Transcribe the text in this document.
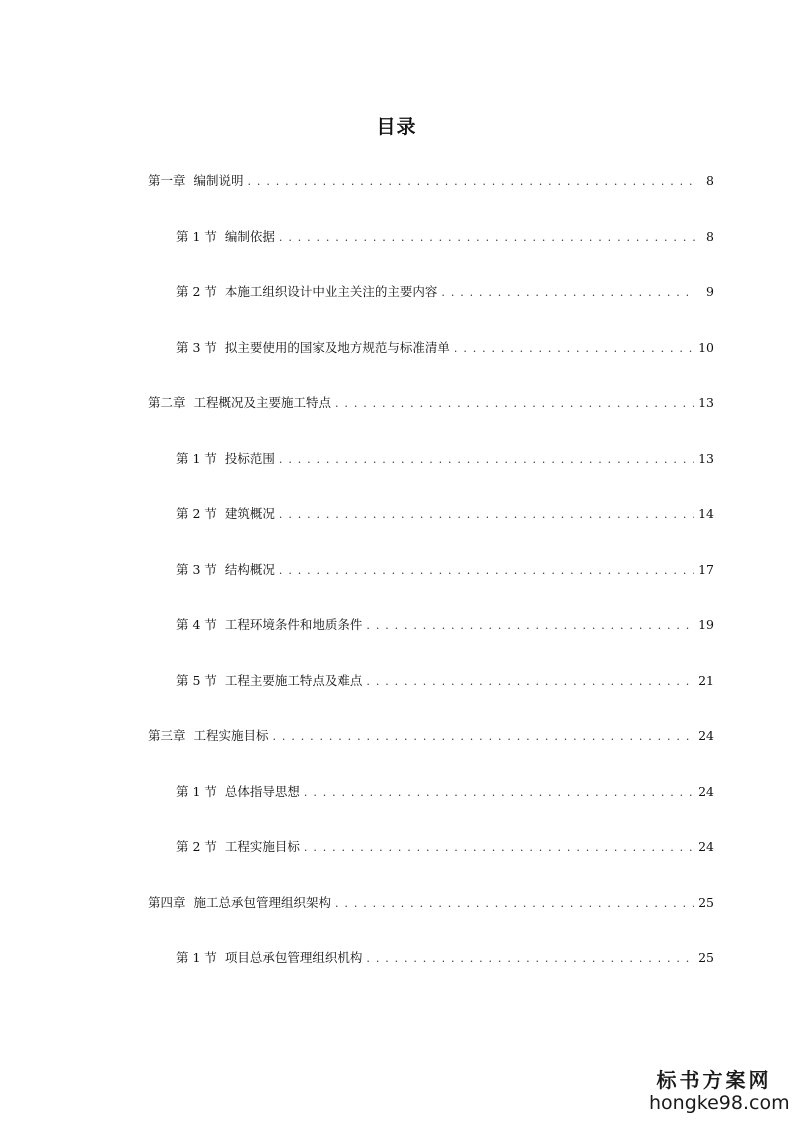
目录
第一章 编制说明 . . .	8
第 1 节 编制依据 . . .	8
第 2 节 本施工组织设计中业主关注的主要内容 . . .	9
第 3 节 拟主要使用的国家及地方规范与标准清单 . . .	10
第二章 工程概况及主要施工特点 . . .	13
第 1 节 投标范围 . . .	13
第 2 节 建筑概况 . . .	14
第 3 节 结构概况 . . .	17
第 4 节 工程环境条件和地质条件 . . .	19
第 5 节 工程主要施工特点及难点 . . .	21
第三章 工程实施目标 . . .	24
第 1 节 总体指导思想 . . .	24
第 2 节 工程实施目标 . . .	24
第四章 施工总承包管理组织架构 . . .	25
第 1 节 项目总承包管理组织机构 . . .	25
标书方案网
hongke98.com
